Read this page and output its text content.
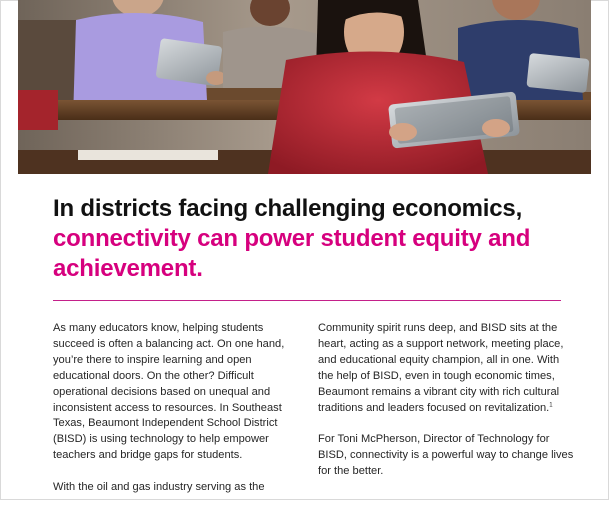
In districts facing challenging economics,
connectivity can power student equity and achievement.

As many educators know, helping students succeed is often a balancing act. On one hand, you’re there to inspire learning and open educational doors. On the other? Difficult operational decisions based on unequal and inconsistent access to resources. In Southeast Texas, Beaumont Independent School District (BISD) is using technology to help empower teachers and bridge gaps for students.

With the oil and gas industry serving as the

Community spirit runs deep, and BISD sits at the heart, acting as a support network, meeting place, and educational equity champion, all in one. With the help of BISD, even in tough economic times, Beaumont remains a vibrant city with rich cultural traditions and leaders focused on revitalization.$^1$

For Toni McPherson, Director of Technology for BISD, connectivity is a powerful way to change lives for the better.
